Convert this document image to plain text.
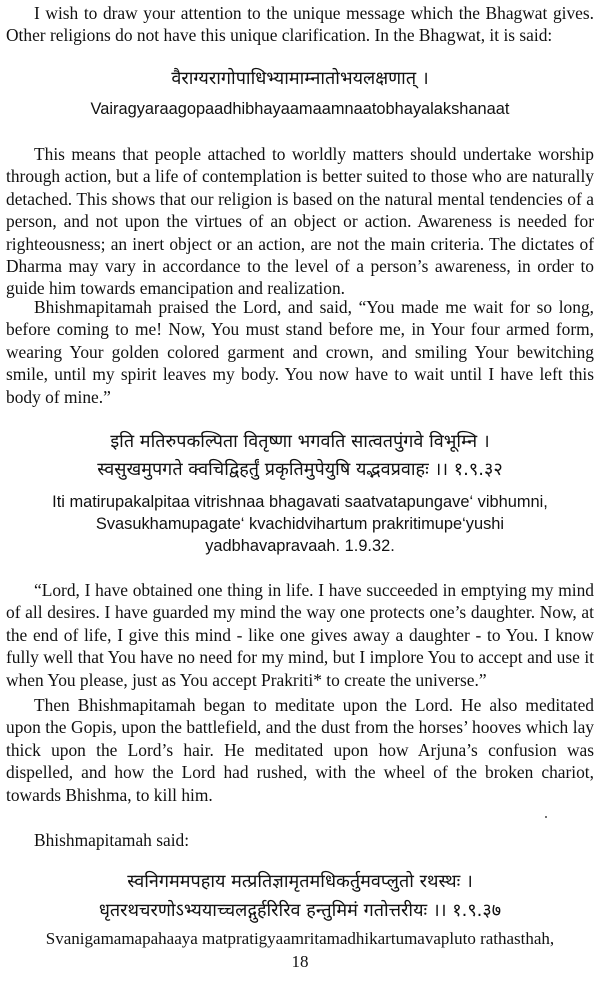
I wish to draw your attention to the unique message which the Bhagwat gives. Other religions do not have this unique clarification. In the Bhagwat, it is said:

वैराग्यरागोपाधिभ्यामाम्नातोभयलक्षणात् ।

Vairagyaraagopaadhibhayaamaamnaatobhayalakshanaat

This means that people attached to worldly matters should undertake worship through action, but a life of contemplation is better suited to those who are naturally detached. This shows that our religion is based on the natural mental tendencies of a person, and not upon the virtues of an object or action. Awareness is needed for righteousness; an inert object or an action, are not the main criteria. The dictates of Dharma may vary in accordance to the level of a person’s awareness, in order to guide him towards emancipation and realization.

Bhishmapitamah praised the Lord, and said, “You made me wait for so long, before coming to me! Now, You must stand before me, in Your four armed form, wearing Your golden colored garment and crown, and smiling Your bewitching smile, until my spirit leaves my body. You now have to wait until I have left this body of mine.”

इति मतिरुपकल्पिता वितृष्णा भगवति सात्वतपुंगवे विभूम्नि ।

स्वसुखमुपगते क्वचिद्विहर्तुं प्रकृतिमुपेयुषि यद्भवप्रवाहः ।। १.९.३२

Iti matirupakalpitaa vitrishnaa bhagavati saatvatapungave‘ vibhumni,

Svasukhamupagate‘ kvachidvihartum prakritimupe‘yushi

yadbhavapravaah. 1.9.32.

“Lord, I have obtained one thing in life. I have succeeded in emptying my mind of all desires. I have guarded my mind the way one protects one’s daughter. Now, at the end of life, I give this mind - like one gives away a daughter - to You. I know fully well that You have no need for my mind, but I implore You to accept and use it when You please, just as You accept Prakriti* to create the universe.”

Then Bhishmapitamah began to meditate upon the Lord. He also meditated upon the Gopis, upon the battlefield, and the dust from the horses’ hooves which lay thick upon the Lord’s hair. He meditated upon how Arjuna’s confusion was dispelled, and how the Lord had rushed, with the wheel of the broken chariot, towards Bhishma, to kill him.

Bhishmapitamah said:

स्वनिगममपहाय मत्प्रतिज्ञामृतमधिकर्तुमवप्लुतो रथस्थः ।

धृतरथचरणोऽभ्ययाच्चलद्गुर्हरिरिव हन्तुमिमं गतोत्तरीयः ।। १.९.३७

Svanigamamapahaaya matpratigyaamritamadhikartumavapluto rathasthah,

18
